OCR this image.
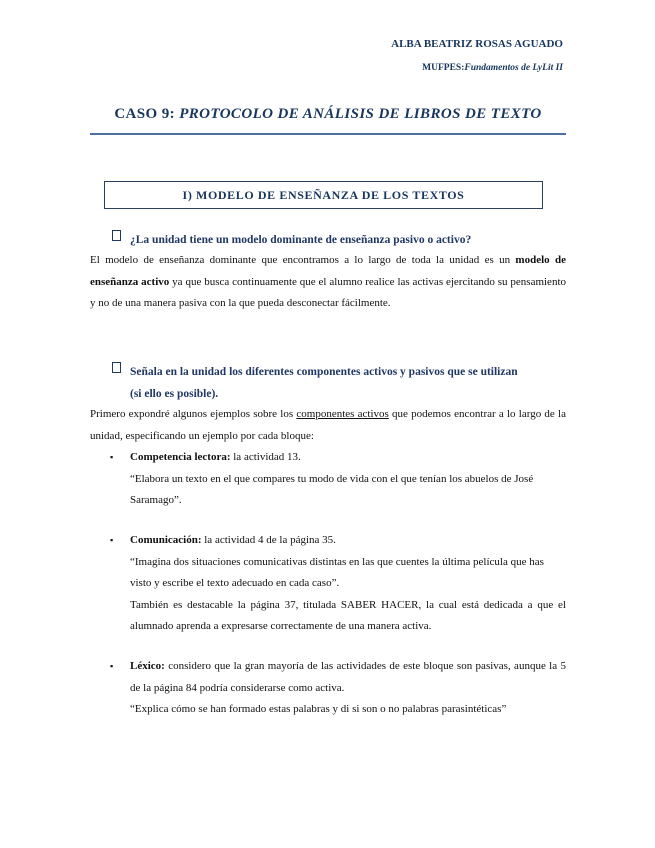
ALBA BEATRIZ ROSAS AGUADO
MUFPES:Fundamentos de LyLit II
CASO 9: PROTOCOLO DE ANÁLISIS DE LIBROS DE TEXTO
I) MODELO DE ENSEÑANZA DE LOS TEXTOS
¿La unidad tiene un modelo dominante de enseñanza pasivo o activo?
El modelo de enseñanza dominante que encontramos a lo largo de toda la unidad es un modelo de enseñanza activo ya que busca continuamente que el alumno realice las activas ejercitando su pensamiento y no de una manera pasiva con la que pueda desconectar fácilmente.
Señala en la unidad los diferentes componentes activos y pasivos que se utilizan
(si ello es posible).
Primero expondré algunos ejemplos sobre los componentes activos que podemos encontrar a lo largo de la unidad, especificando un ejemplo por cada bloque:
▪	Competencia lectora: la actividad 13.
“Elabora un texto en el que compares tu modo de vida con el que tenían los abuelos de José Saramago”.
▪	Comunicación: la actividad 4 de la página 35.
“Imagina dos situaciones comunicativas distintas en las que cuentes la última película que has visto y escribe el texto adecuado en cada caso”.
También es destacable la página 37, titulada SABER HACER, la cual está dedicada a que el alumnado aprenda a expresarse correctamente de una manera activa.
▪	Léxico: considero que la gran mayoría de las actividades de este bloque son pasivas, aunque la 5 de la página 84 podría considerarse como activa.
“Explica cómo se han formado estas palabras y di si son o no palabras parasintéticas”
